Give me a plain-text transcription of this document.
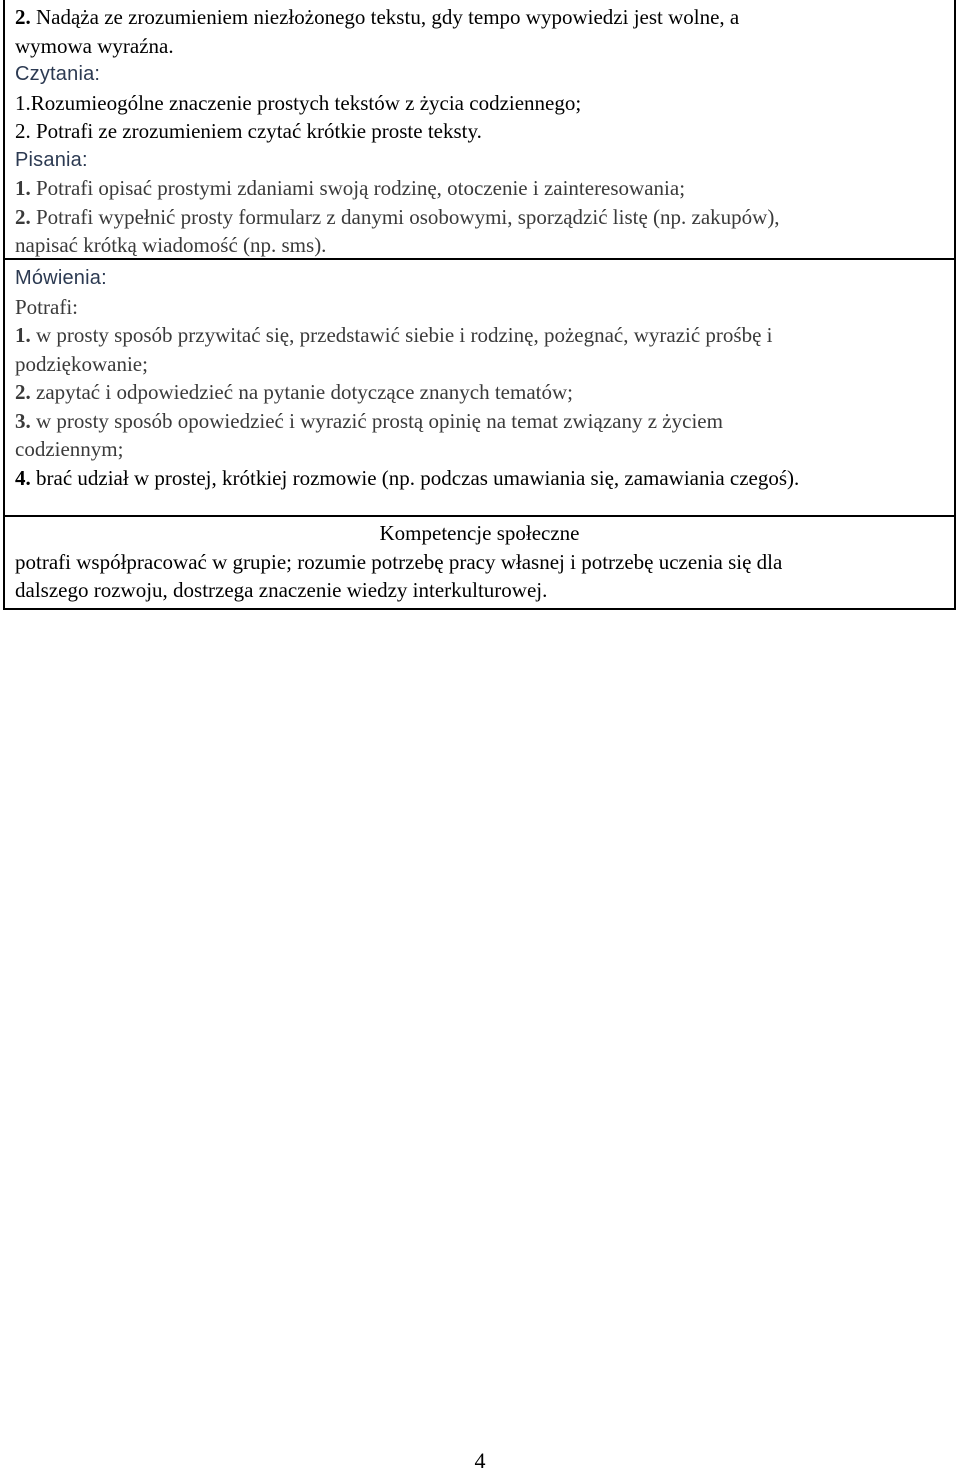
2. Nadąża ze zrozumieniem niezłożonego tekstu, gdy tempo wypowiedzi jest wolne, a
wymowa wyraźna.
Czytania:
1.Rozumieogólne znaczenie prostych tekstów z życia codziennego;
2. Potrafi ze zrozumieniem czytać krótkie proste teksty.
Pisania:
1. Potrafi opisać prostymi zdaniami swoją rodzinę, otoczenie i zainteresowania;
2. Potrafi wypełnić prosty formularz z danymi osobowymi, sporządzić listę (np. zakupów),
napisać krótką wiadomość (np. sms).
Mówienia:
Potrafi:
1. w prosty sposób przywitać się, przedstawić siebie i rodzinę, pożegnać, wyrazić prośbę i
podziękowanie;
2. zapytać i odpowiedzieć na pytanie dotyczące znanych tematów;
3. w prosty sposób opowiedzieć i wyrazić prostą opinię na temat związany z życiem
codziennym;
4. brać udział w prostej, krótkiej rozmowie (np. podczas umawiania się, zamawiania czegoś).
Kompetencje społeczne
potrafi współpracować w grupie; rozumie potrzebę pracy własnej i potrzebę uczenia się dla
dalszego rozwoju, dostrzega znaczenie wiedzy interkulturowej.
4
